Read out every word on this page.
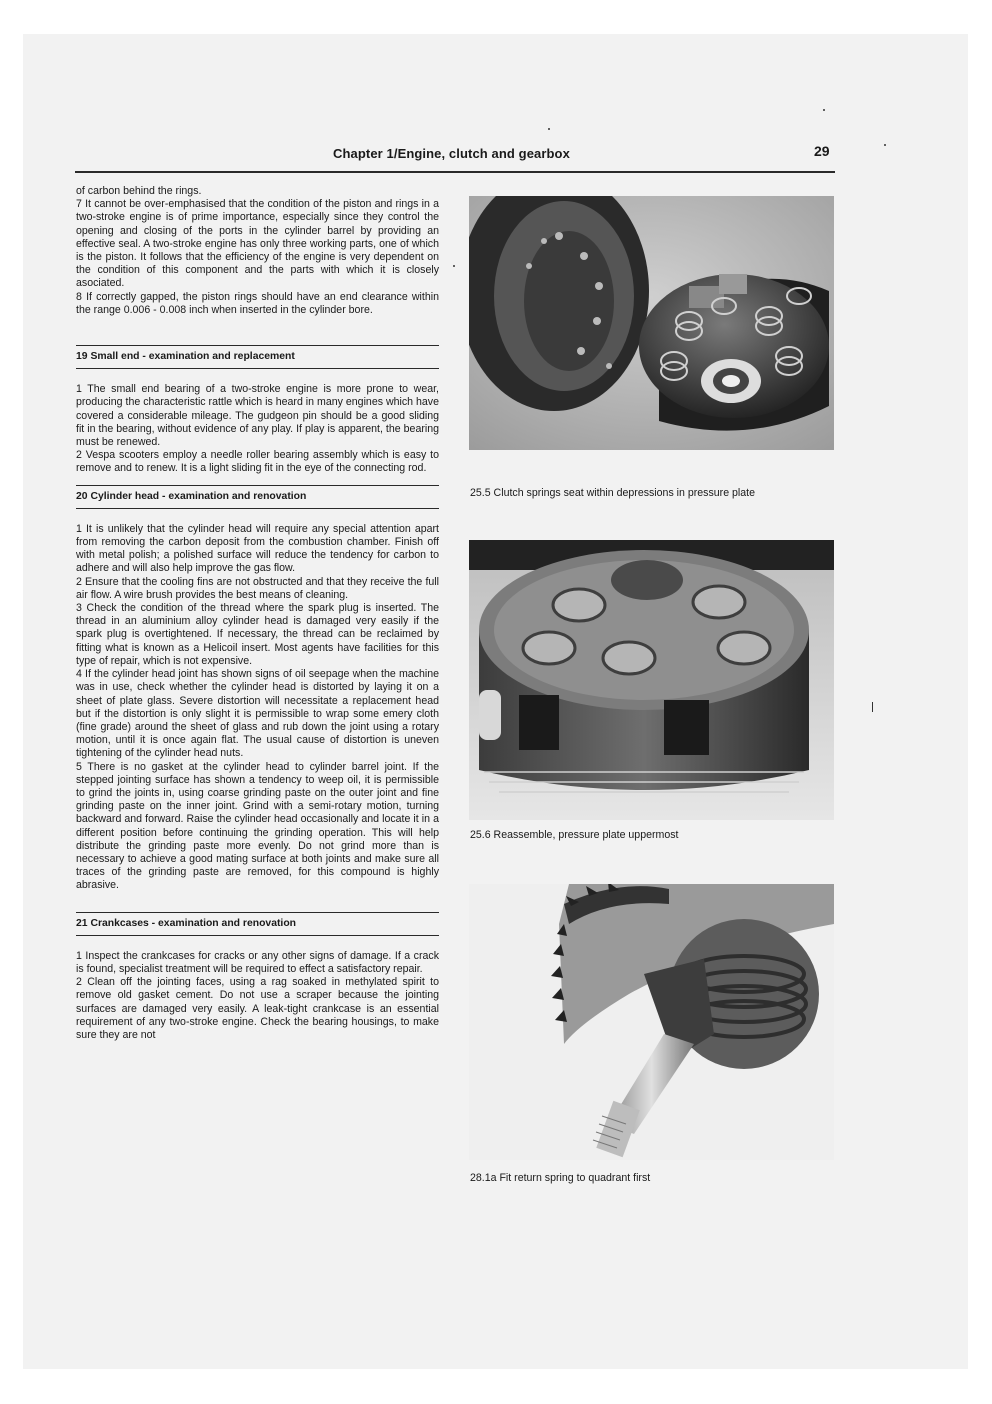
Chapter 1/Engine, clutch and gearbox	29

of carbon behind the rings.

7 It cannot be over-emphasised that the condition of the piston and rings in a two-stroke engine is of prime importance, especially since they control the opening and closing of the ports in the cylinder barrel by providing an effective seal. A two-stroke engine has only three working parts, one of which is the piston. It follows that the efficiency of the engine is very dependent on the condition of this component and the parts with which it is closely asociated.

8 If correctly gapped, the piston rings should have an end clearance within the range 0.006 - 0.008 inch when inserted in the cylinder bore.

19 Small end - examination and replacement

1 The small end bearing of a two-stroke engine is more prone to wear, producing the characteristic rattle which is heard in many engines which have covered a considerable mileage. The gudgeon pin should be a good sliding fit in the bearing, without evidence of any play. If play is apparent, the bearing must be renewed.

2 Vespa scooters employ a needle roller bearing assembly which is easy to remove and to renew. It is a light sliding fit in the eye of the connecting rod.

20 Cylinder head - examination and renovation

1 It is unlikely that the cylinder head will require any special attention apart from removing the carbon deposit from the combustion chamber. Finish off with metal polish; a polished surface will reduce the tendency for carbon to adhere and will also help improve the gas flow.

2 Ensure that the cooling fins are not obstructed and that they receive the full air flow. A wire brush provides the best means of cleaning.

3 Check the condition of the thread where the spark plug is inserted. The thread in an aluminium alloy cylinder head is damaged very easily if the spark plug is overtightened. If necessary, the thread can be reclaimed by fitting what is known as a Helicoil insert. Most agents have facilities for this type of repair, which is not expensive.

4 If the cylinder head joint has shown signs of oil seepage when the machine was in use, check whether the cylinder head is distorted by laying it on a sheet of plate glass. Severe distortion will necessitate a replacement head but if the distortion is only slight it is permissible to wrap some emery cloth (fine grade) around the sheet of glass and rub down the joint using a rotary motion, until it is once again flat. The usual cause of distortion is uneven tightening of the cylinder head nuts.

5 There is no gasket at the cylinder head to cylinder barrel joint. If the stepped jointing surface has shown a tendency to weep oil, it is permissible to grind the joints in, using coarse grinding paste on the outer joint and fine grinding paste on the inner joint. Grind with a semi-rotary motion, turning backward and forward. Raise the cylinder head occasionally and locate it in a different position before continuing the grinding operation. This will help distribute the grinding paste more evenly. Do not grind more than is necessary to achieve a good mating surface at both joints and make sure all traces of the grinding paste are removed, for this compound is highly abrasive.

21 Crankcases - examination and renovation

1 Inspect the crankcases for cracks or any other signs of damage. If a crack is found, specialist treatment will be required to effect a satisfactory repair.

2 Clean off the jointing faces, using a rag soaked in methylated spirit to remove old gasket cement. Do not use a scraper because the jointing surfaces are damaged very easily. A leak-tight crankcase is an essential requirement of any two-stroke engine. Check the bearing housings, to make sure they are not

25.5 Clutch springs seat within depressions in pressure plate
25.6 Reassemble, pressure plate uppermost
28.1a Fit return spring to quadrant first
